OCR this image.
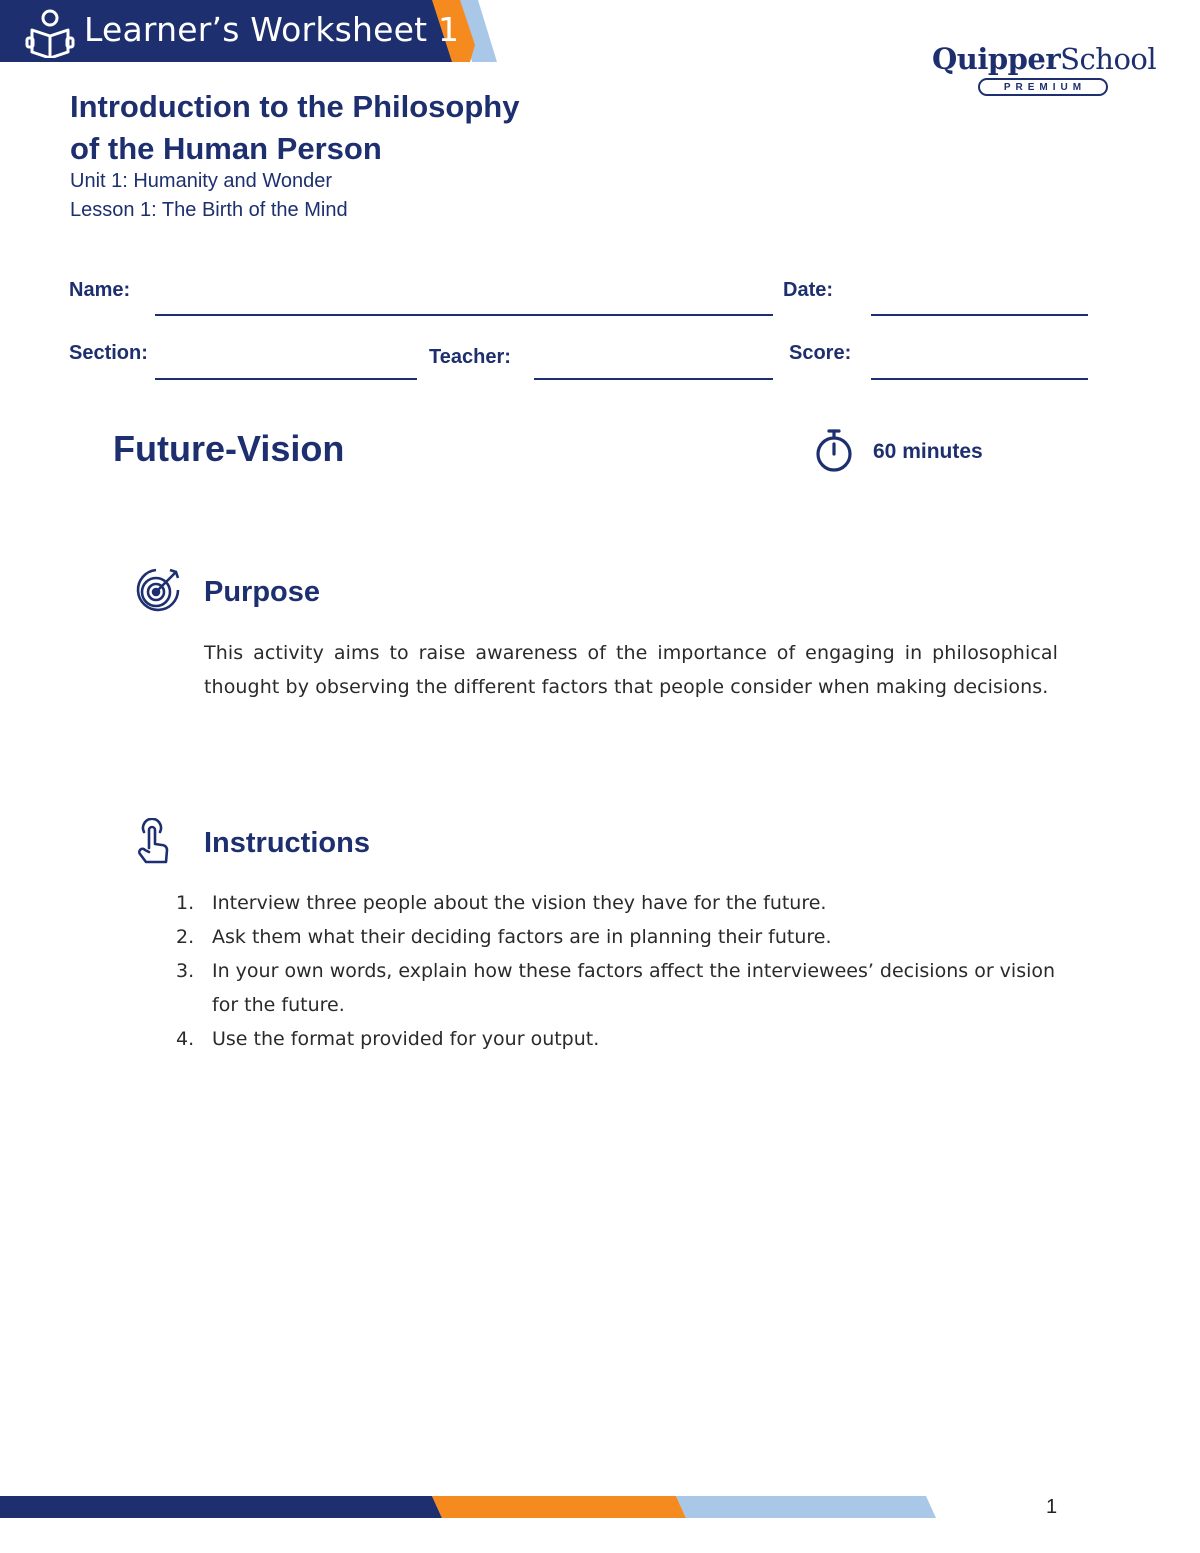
Learner’s Worksheet 1
QuipperSchool
PREMIUM
Introduction to the Philosophy
of the Human Person
Unit 1: Humanity and Wonder
Lesson 1: The Birth of the Mind
Name:	Date:
Section:	Teacher:	Score:
Future-Vision	60 minutes
Purpose
This activity aims to raise awareness of the importance of engaging in philosophical thought by observing the different factors that people consider when making decisions.
Instructions
1. Interview three people about the vision they have for the future.
2. Ask them what their deciding factors are in planning their future.
3. In your own words, explain how these factors affect the interviewees’ decisions or vision for the future.
4. Use the format provided for your output.
1
